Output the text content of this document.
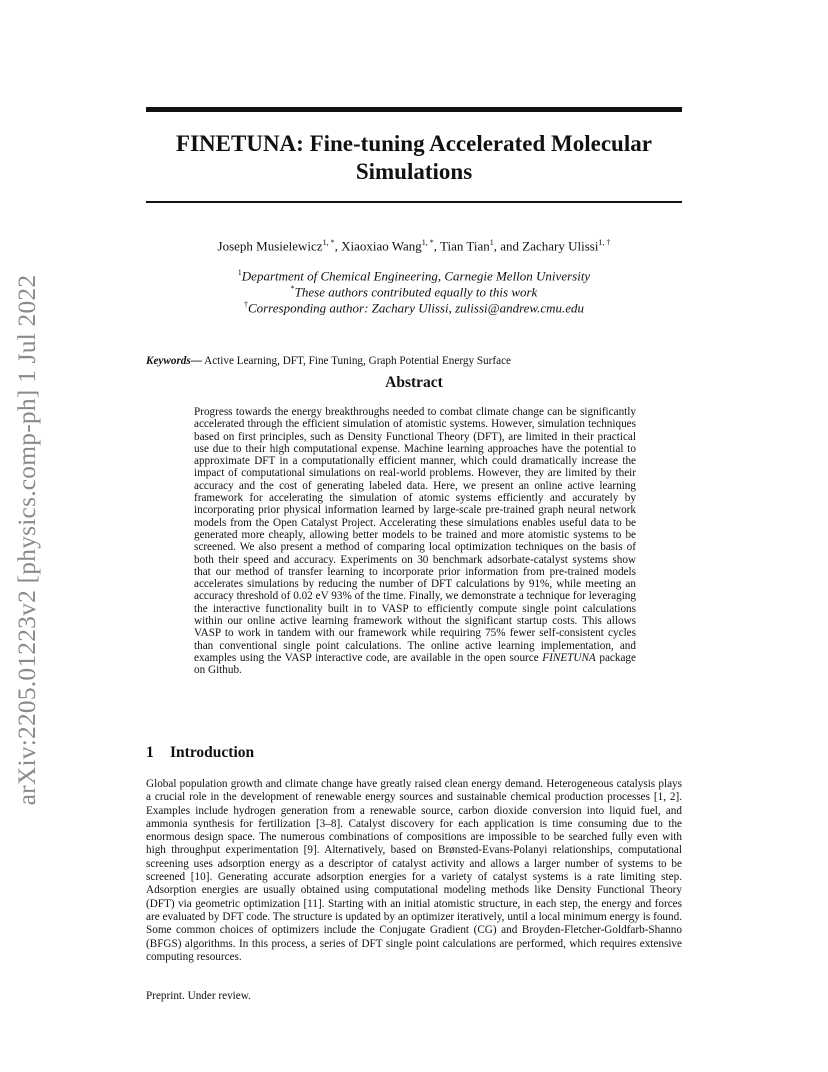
arXiv:2205.01223v2 [physics.comp-ph] 1 Jul 2022
FINETUNA: Fine-tuning Accelerated Molecular Simulations
Joseph Musielewicz$^{1, *}$, Xiaoxiao Wang$^{1, *}$, Tian Tian$^1$, and Zachary Ulissi$^{1, \dagger}$
$^1$Department of Chemical Engineering, Carnegie Mellon University
*These authors contributed equally to this work
†Corresponding author: Zachary Ulissi, zulissi@andrew.cmu.edu
Keywords— Active Learning, DFT, Fine Tuning, Graph Potential Energy Surface
Abstract

Progress towards the energy breakthroughs needed to combat climate change can be significantly accelerated through the efficient simulation of atomistic systems. However, simulation techniques based on first principles, such as Density Functional Theory (DFT), are limited in their practical use due to their high computational expense. Machine learning approaches have the potential to approximate DFT in a computationally efficient manner, which could dramatically increase the impact of computational simulations on real-world problems. However, they are limited by their accuracy and the cost of generating labeled data. Here, we present an online active learning framework for accelerating the simulation of atomic systems efficiently and accurately by incorporating prior physical information learned by large-scale pre-trained graph neural network models from the Open Catalyst Project. Accelerating these simulations enables useful data to be generated more cheaply, allowing better models to be trained and more atomistic systems to be screened. We also present a method of comparing local optimization techniques on the basis of both their speed and accuracy. Experiments on 30 benchmark adsorbate-catalyst systems show that our method of transfer learning to incorporate prior information from pre-trained models accelerates simulations by reducing the number of DFT calculations by 91%, while meeting an accuracy threshold of 0.02 eV 93% of the time. Finally, we demonstrate a technique for leveraging the interactive functionality built in to VASP to efficiently compute single point calculations within our online active learning framework without the significant startup costs. This allows VASP to work in tandem with our framework while requiring 75% fewer self-consistent cycles than conventional single point calculations. The online active learning implementation, and examples using the VASP interactive code, are available in the open source FINETUNA package on Github.

1 Introduction

Global population growth and climate change have greatly raised clean energy demand. Heterogeneous catalysis plays a crucial role in the development of renewable energy sources and sustainable chemical production processes [1, 2]. Examples include hydrogen generation from a renewable source, carbon dioxide conversion into liquid fuel, and ammonia synthesis for fertilization [3–8]. Catalyst discovery for each application is time consuming due to the enormous design space. The numerous combinations of compositions are impossible to be searched fully even with high throughput experimentation [9]. Alternatively, based on Brønsted-Evans-Polanyi relationships, computational screening uses adsorption energy as a descriptor of catalyst activity and allows a larger number of systems to be screened [10]. Generating accurate adsorption energies for a variety of catalyst systems is a rate limiting step. Adsorption energies are usually obtained using computational modeling methods like Density Functional Theory (DFT) via geometric optimization [11]. Starting with an initial atomistic structure, in each step, the energy and forces are evaluated by DFT code. The structure is updated by an optimizer iteratively, until a local minimum energy is found. Some common choices of optimizers include the Conjugate Gradient (CG) and Broyden-Fletcher-Goldfarb-Shanno (BFGS) algorithms. In this process, a series of DFT single point calculations are performed, which requires extensive computing resources.

Preprint. Under review.
